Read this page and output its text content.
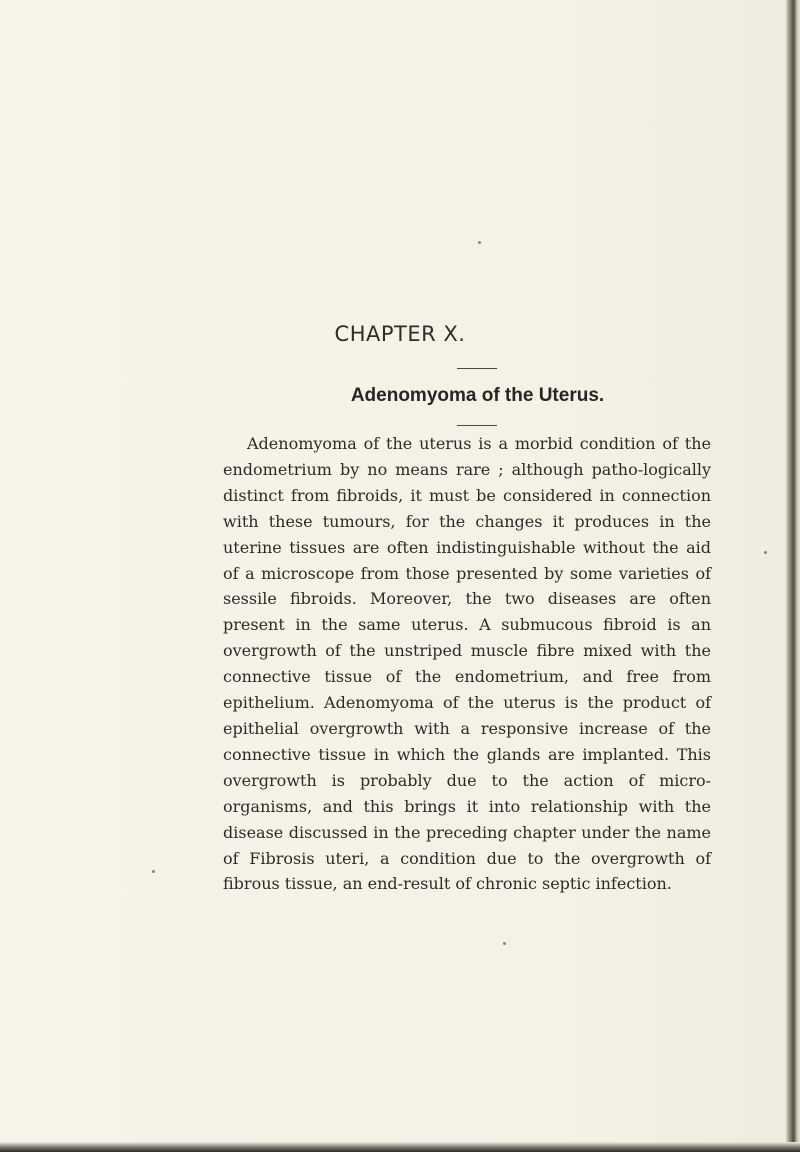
CHAPTER X.
Adenomyoma of the Uterus.

Adenomyoma of the uterus is a morbid condition of the endometrium by no means rare ; although patho-logically distinct from fibroids, it must be considered in connection with these tumours, for the changes it produces in the uterine tissues are often indistinguishable without the aid of a microscope from those presented by some varieties of sessile fibroids. Moreover, the two diseases are often present in the same uterus. A submucous fibroid is an overgrowth of the unstriped muscle fibre mixed with the connective tissue of the endometrium, and free from epithelium. Adenomyoma of the uterus is the product of epithelial overgrowth with a responsive increase of the connective tissue in which the glands are implanted. This overgrowth is probably due to the action of micro-organisms, and this brings it into relationship with the disease discussed in the preceding chapter under the name of Fibrosis uteri, a condition due to the overgrowth of fibrous tissue, an end-result of chronic septic infection.
